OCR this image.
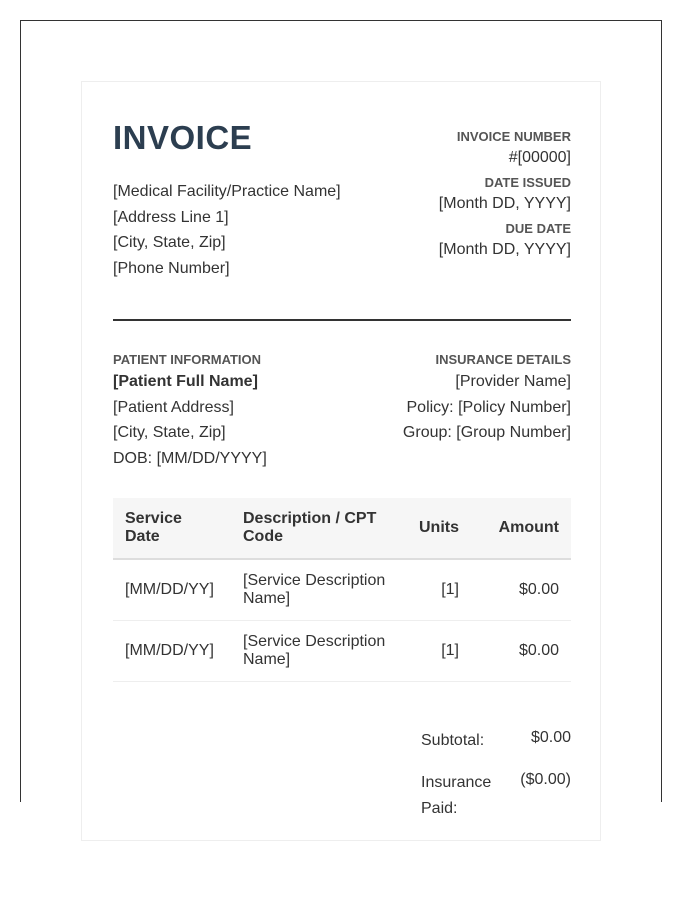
INVOICE
[Medical Facility/Practice Name]
[Address Line 1]
[City, State, Zip]
[Phone Number]
INVOICE NUMBER
#[00000]
DATE ISSUED
[Month DD, YYYY]
DUE DATE
[Month DD, YYYY]
PATIENT INFORMATION
[Patient Full Name]
[Patient Address]
[City, State, Zip]
DOB: [MM/DD/YYYY]
INSURANCE DETAILS
[Provider Name]
Policy: [Policy Number]
Group: [Group Number]
Service Date	Description / CPT Code	Units	Amount
[MM/DD/YY]	[Service Description Name]	[1]	$0.00
[MM/DD/YY]	[Service Description Name]	[1]	$0.00
Subtotal:	$0.00
Insurance Paid:
($0.00)
